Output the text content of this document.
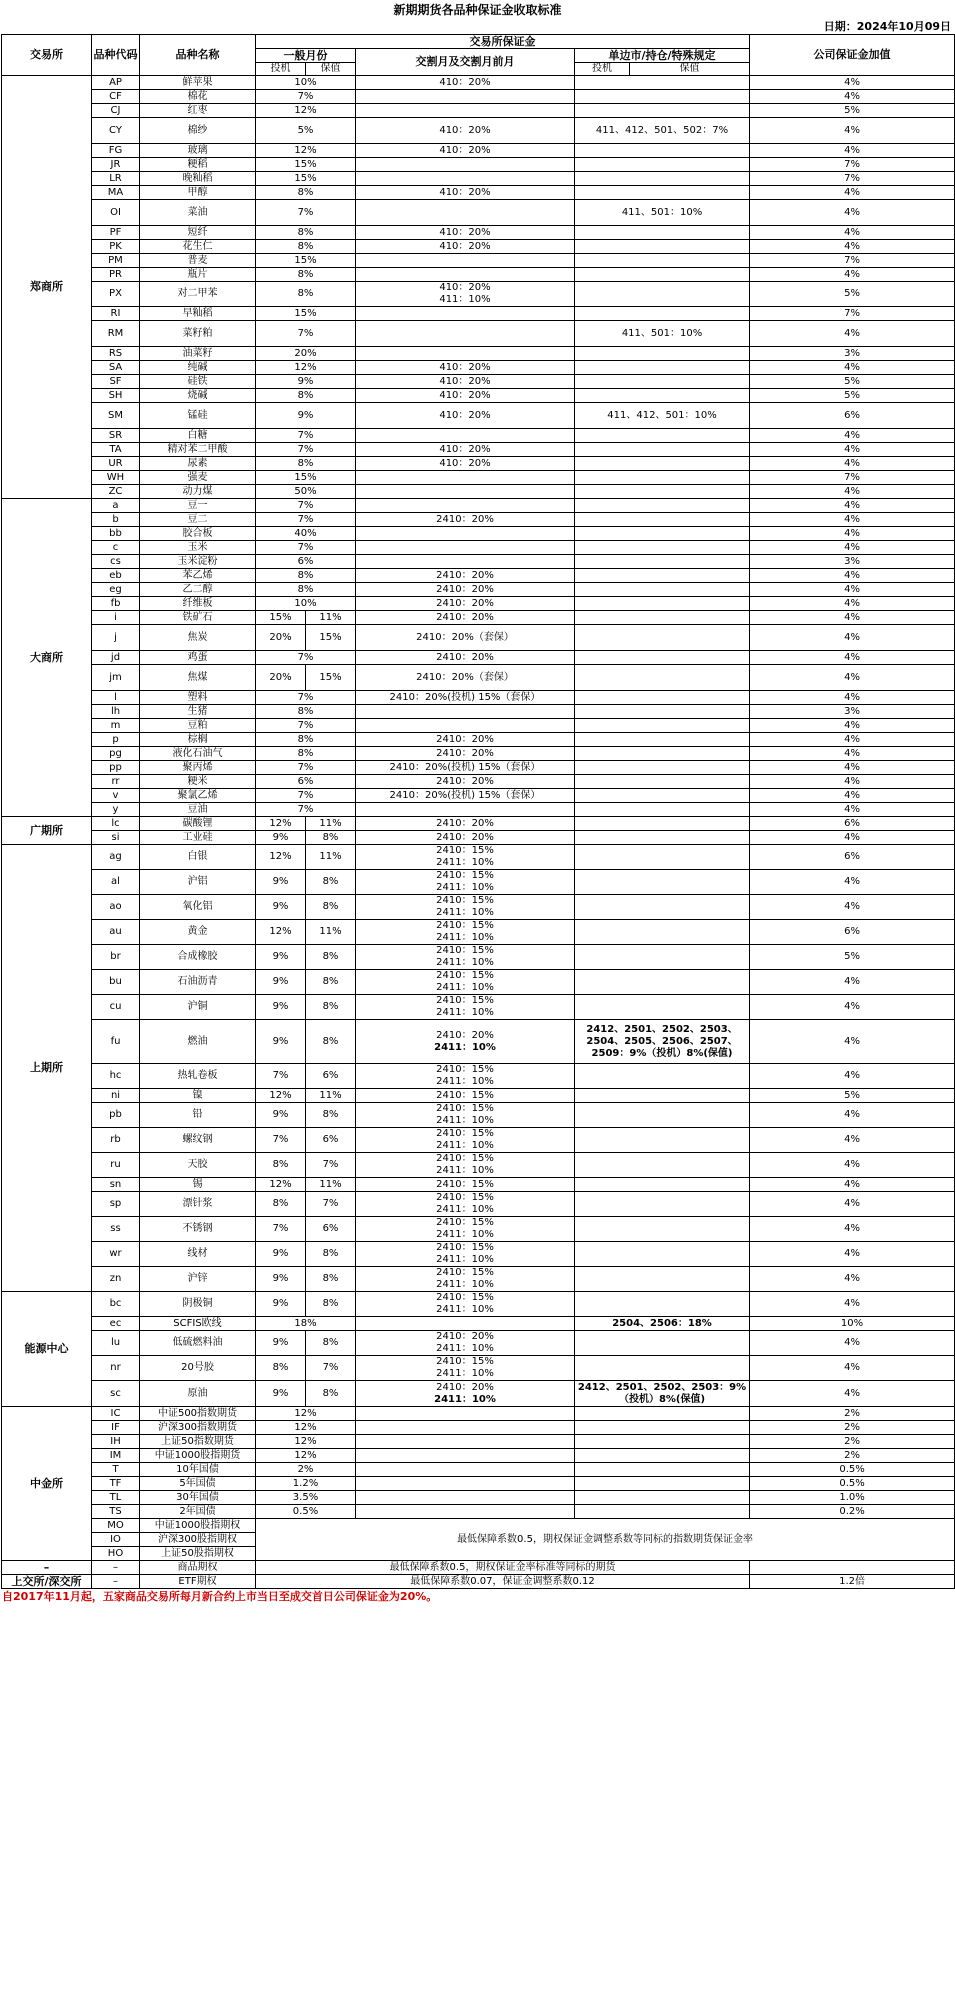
新期期货各品种保证金收取标准
日期：2024年10月09日
交易所	品种代码	品种名称	交易所保证金					公司保证金加值
			一般月份		交割月及交割月前月	单边市/持仓/特殊规定		
			投机	保值		投机	保值	
郑商所	AP	鲜苹果	10%		410：20%			4%
	CF	棉花	7%					4%
	CJ	红枣	12%					5%
	CY	棉纱	5%		410：20%	411、412、501、502：7%		4%
	FG	玻璃	12%		410：20%			4%
	JR	粳稻	15%					7%
	LR	晚籼稻	15%					7%
	MA	甲醇	8%		410：20%			4%
	OI	菜油	7%			411、501：10%		4%
	PF	短纤	8%		410：20%			4%
	PK	花生仁	8%		410：20%			4%
	PM	普麦	15%					7%
	PR	瓶片	8%					4%
	PX	对二甲苯	8%		410：20%
411：10%			5%
	RI	早籼稻	15%					7%
	RM	菜籽粕	7%			411、501：10%		4%
	RS	油菜籽	20%					3%
	SA	纯碱	12%		410：20%			4%
	SF	硅铁	9%		410：20%			5%
	SH	烧碱	8%		410：20%			5%
	SM	锰硅	9%		410：20%	411、412、501：10%		6%
	SR	白糖	7%					4%
	TA	精对苯二甲酸	7%		410：20%			4%
	UR	尿素	8%		410：20%			4%
	WH	强麦	15%					7%
	ZC	动力煤	50%					4%
大商所	a	豆一	7%					4%
	b	豆二	7%		2410：20%			4%
	bb	胶合板	40%					4%
	c	玉米	7%					4%
	cs	玉米淀粉	6%					3%
	eb	苯乙烯	8%		2410：20%			4%
	eg	乙二醇	8%		2410：20%			4%
	fb	纤维板	10%		2410：20%			4%
	i	铁矿石	15%	11%	2410：20%			4%
	j	焦炭	20%	15%	2410：20%（套保）			4%
	jd	鸡蛋	7%		2410：20%			4%
	jm	焦煤	20%	15%	2410：20%（套保）			4%
	l	塑料	7%		2410：20%(投机) 15%（套保）			4%
	lh	生猪	8%					3%
	m	豆粕	7%					4%
	p	棕榈	8%		2410：20%			4%
	pg	液化石油气	8%		2410：20%			4%
	pp	聚丙烯	7%		2410：20%(投机) 15%（套保）			4%
	rr	粳米	6%		2410：20%			4%
	v	聚氯乙烯	7%		2410：20%(投机) 15%（套保）			4%
	y	豆油	7%					4%
广期所	lc	碳酸锂	12%	11%	2410：20%			6%
	si	工业硅	9%	8%	2410：20%			4%
上期所	ag	白银	12%	11%	2410：15%
2411：10%			6%
	al	沪铝	9%	8%	2410：15%
2411：10%			4%
	ao	氧化铝	9%	8%	2410：15%
2411：10%			4%
	au	黄金	12%	11%	2410：15%
2411：10%			6%
	br	合成橡胶	9%	8%	2410：15%
2411：10%			5%
	bu	石油沥青	9%	8%	2410：15%
2411：10%			4%
	cu	沪铜	9%	8%	2410：15%
2411：10%			4%
	fu	燃油	9%	8%	2410：20%
2411：10%	2412、2501、2502、2503、2504、2505、2506、2507、2509：9%（投机）8%(保值)		4%
	hc	热轧卷板	7%	6%	2410：15%
2411：10%			4%
	ni	镍	12%	11%	2410：15%			5%
	pb	铅	9%	8%	2410：15%
2411：10%			4%
	rb	螺纹钢	7%	6%	2410：15%
2411：10%			4%
	ru	天胶	8%	7%	2410：15%
2411：10%			4%
	sn	锡	12%	11%	2410：15%			4%
	sp	漂针浆	8%	7%	2410：15%
2411：10%			4%
	ss	不锈钢	7%	6%	2410：15%
2411：10%			4%
	wr	线材	9%	8%	2410：15%
2411：10%			4%
	zn	沪锌	9%	8%	2410：15%
2411：10%			4%
能源中心	bc	阴极铜	9%	8%	2410：15%
2411：10%			4%
	ec	SCFIS欧线	18%			2504、2506：18%		10%
	lu	低硫燃料油	9%	8%	2410：20%
2411：10%			4%
	nr	20号胶	8%	7%	2410：15%
2411：10%			4%
	sc	原油	9%	8%	2410：20%
2411：10%	2412、2501、2502、2503：9%（投机）8%(保值)		4%
中金所	IC	中证500指数期货	12%					2%
	IF	沪深300指数期货	12%					2%
	IH	上证50指数期货	12%					2%
	IM	中证1000股指期货	12%					2%
	T	10年国债	2%					0.5%
	TF	5年国债	1.2%					0.5%
	TL	30年国债	3.5%					1.0%
	TS	2年国债	0.5%					0.2%
	MO	中证1000股指期权	最低保障系数0.5，期权保证金调整系数等同标的指数期货保证金率					
	IO	沪深300股指期权						
	HO	上证50股指期权						
–	–	商品期权	最低保障系数0.5，期权保证金率标准等同标的期货					
上交所/深交所	–	ETF期权	最低保障系数0.07，保证金调整系数0.12					1.2倍
自2017年11月起，五家商品交易所每月新合约上市当日至成交首日公司保证金为20%。
